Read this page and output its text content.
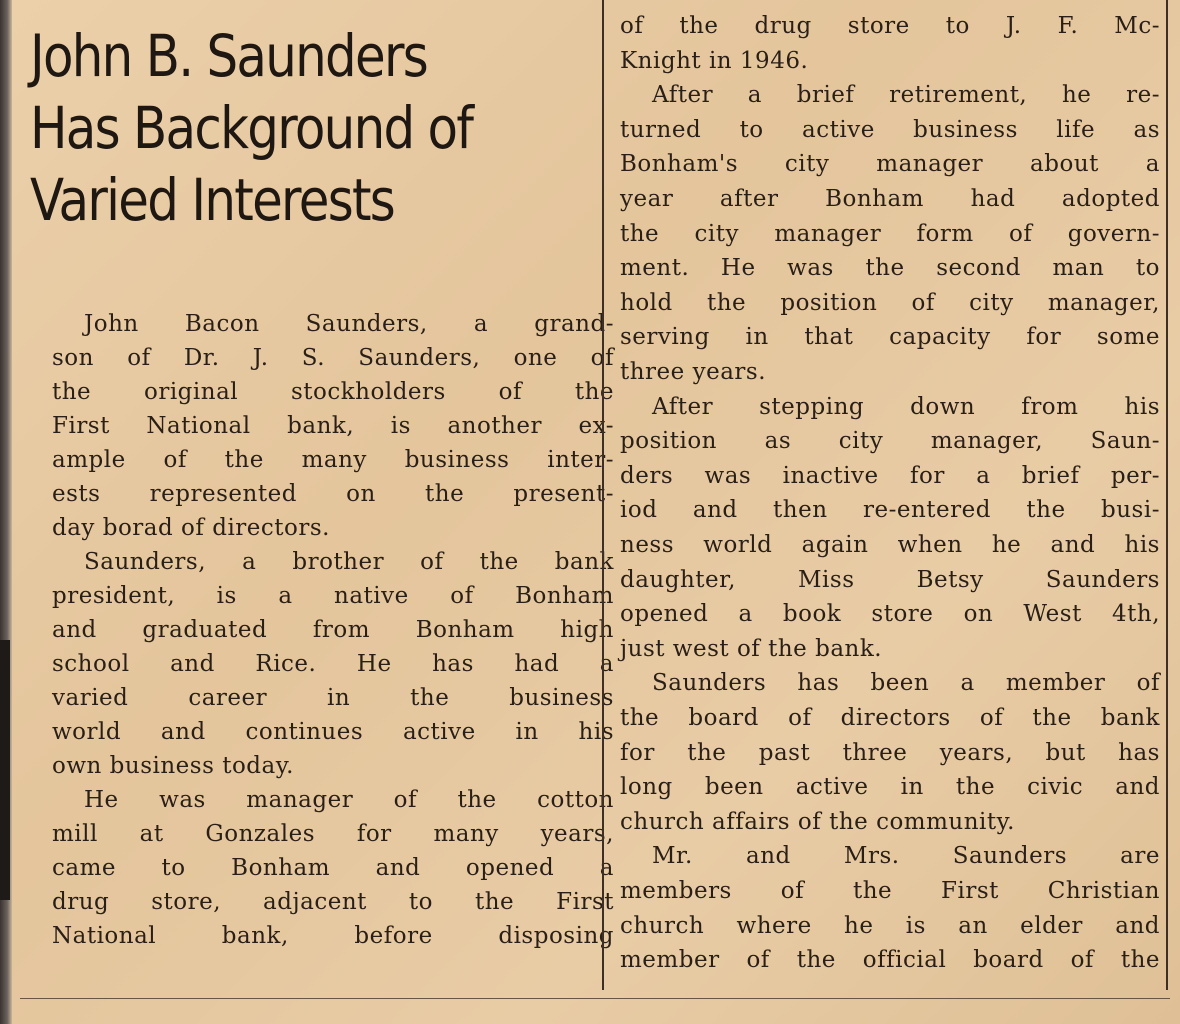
John B. Saunders
Has Background of
Varied Interests
John Bacon Saunders, a grand-
son of Dr. J. S. Saunders, one of
the original stockholders of the
First National bank, is another ex-
ample of the many business inter-
ests represented on the present-
day borad of directors.
Saunders, a brother of the bank
president, is a native of Bonham
and graduated from Bonham high
school and Rice. He has had a
varied career in the business
world and continues active in his
own business today.
He was manager of the cotton
mill at Gonzales for many years,
came to Bonham and opened a
drug store, adjacent to the First
National bank, before disposing
of the drug store to J. F. Mc-
Knight in 1946.
After a brief retirement, he re-
turned to active business life as
Bonham's city manager about a
year after Bonham had adopted
the city manager form of govern-
ment. He was the second man to
hold the position of city manager,
serving in that capacity for some
three years.
After stepping down from his
position as city manager, Saun-
ders was inactive for a brief per-
iod and then re-entered the busi-
ness world again when he and his
daughter, Miss Betsy Saunders
opened a book store on West 4th,
just west of the bank.
Saunders has been a member of
the board of directors of the bank
for the past three years, but has
long been active in the civic and
church affairs of the community.
Mr. and Mrs. Saunders are
members of the First Christian
church where he is an elder and
member of the official board of the
